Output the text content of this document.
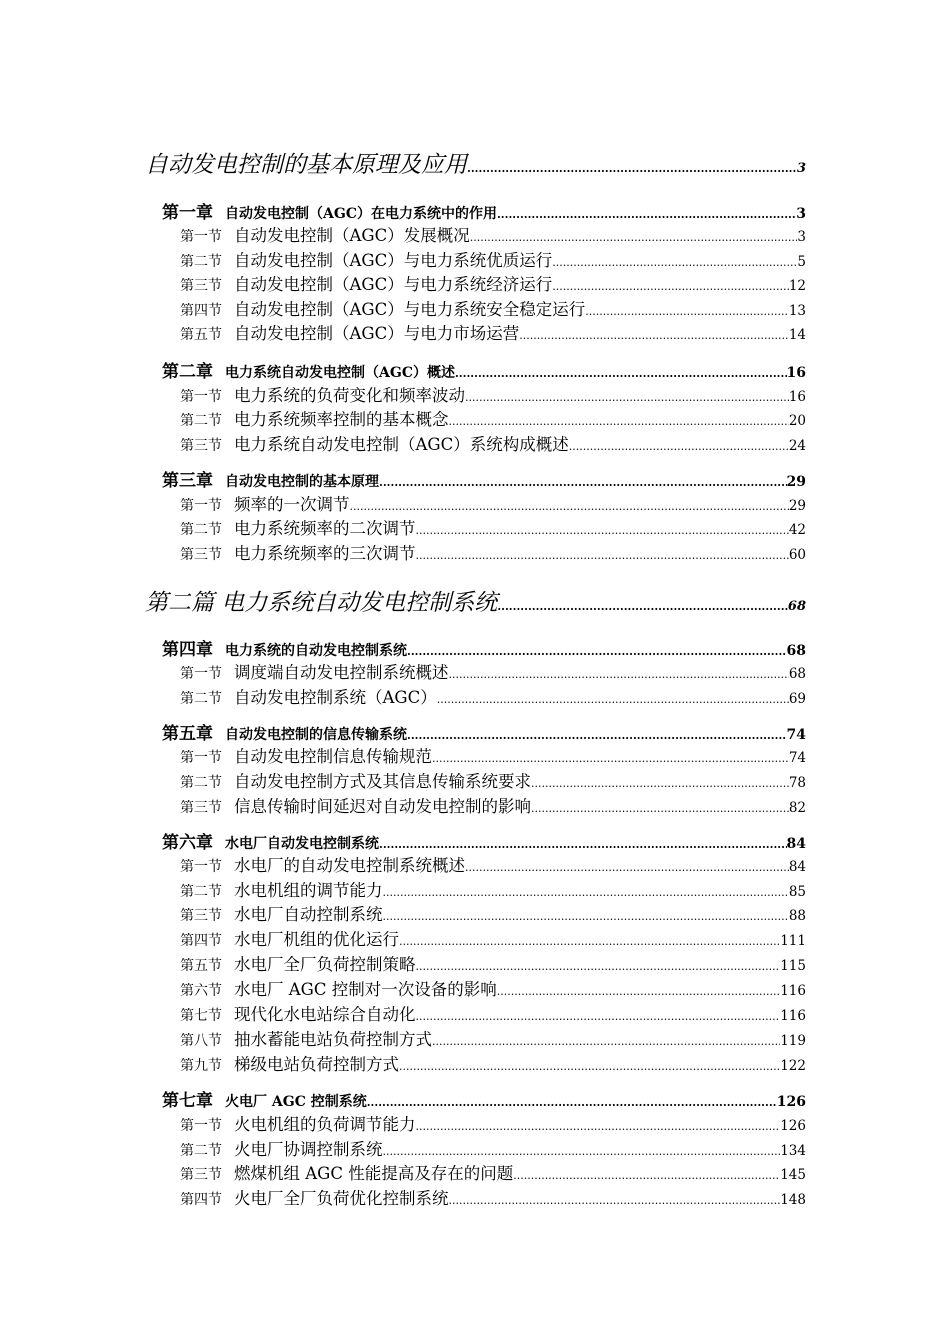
自动发电控制的基本原理及应用 .....	3
第一章 自动发电控制（AGC）在电力系统中的作用 .....	3
第一节 自动发电控制（AGC）发展概况 .....	3
第二节 自动发电控制（AGC）与电力系统优质运行 .....	5
第三节 自动发电控制（AGC）与电力系统经济运行 .....	12
第四节 自动发电控制（AGC）与电力系统安全稳定运行 .....	13
第五节 自动发电控制（AGC）与电力市场运营 .....	14
第二章 电力系统自动发电控制（AGC）概述 .....	16
第一节 电力系统的负荷变化和频率波动 .....	16
第二节 电力系统频率控制的基本概念 .....	20
第三节 电力系统自动发电控制（AGC）系统构成概述 .....	24
第三章 自动发电控制的基本原理 .....	29
第一节 频率的一次调节 .....	29
第二节 电力系统频率的二次调节 .....	42
第三节 电力系统频率的三次调节 .....	60
第二篇 电力系统自动发电控制系统 .....	68
第四章 电力系统的自动发电控制系统 .....	68
第一节 调度端自动发电控制系统概述 .....	68
第二节 自动发电控制系统（AGC） .....	69
第五章 自动发电控制的信息传输系统 .....	74
第一节 自动发电控制信息传输规范 .....	74
第二节 自动发电控制方式及其信息传输系统要求 .....	78
第三节 信息传输时间延迟对自动发电控制的影响 .....	82
第六章 水电厂自动发电控制系统 .....	84
第一节 水电厂的自动发电控制系统概述 .....	84
第二节 水电机组的调节能力 .....	85
第三节 水电厂自动控制系统 .....	88
第四节 水电厂机组的优化运行 .....	111
第五节 水电厂全厂负荷控制策略 .....	115
第六节 水电厂 AGC 控制对一次设备的影响 .....	116
第七节 现代化水电站综合自动化 .....	116
第八节 抽水蓄能电站负荷控制方式 .....	119
第九节 梯级电站负荷控制方式 .....	122
第七章 火电厂 AGC 控制系统 .....	126
第一节 火电机组的负荷调节能力 .....	126
第二节 火电厂协调控制系统 .....	134
第三节 燃煤机组 AGC 性能提高及存在的问题 .....	145
第四节 火电厂全厂负荷优化控制系统 .....	148
